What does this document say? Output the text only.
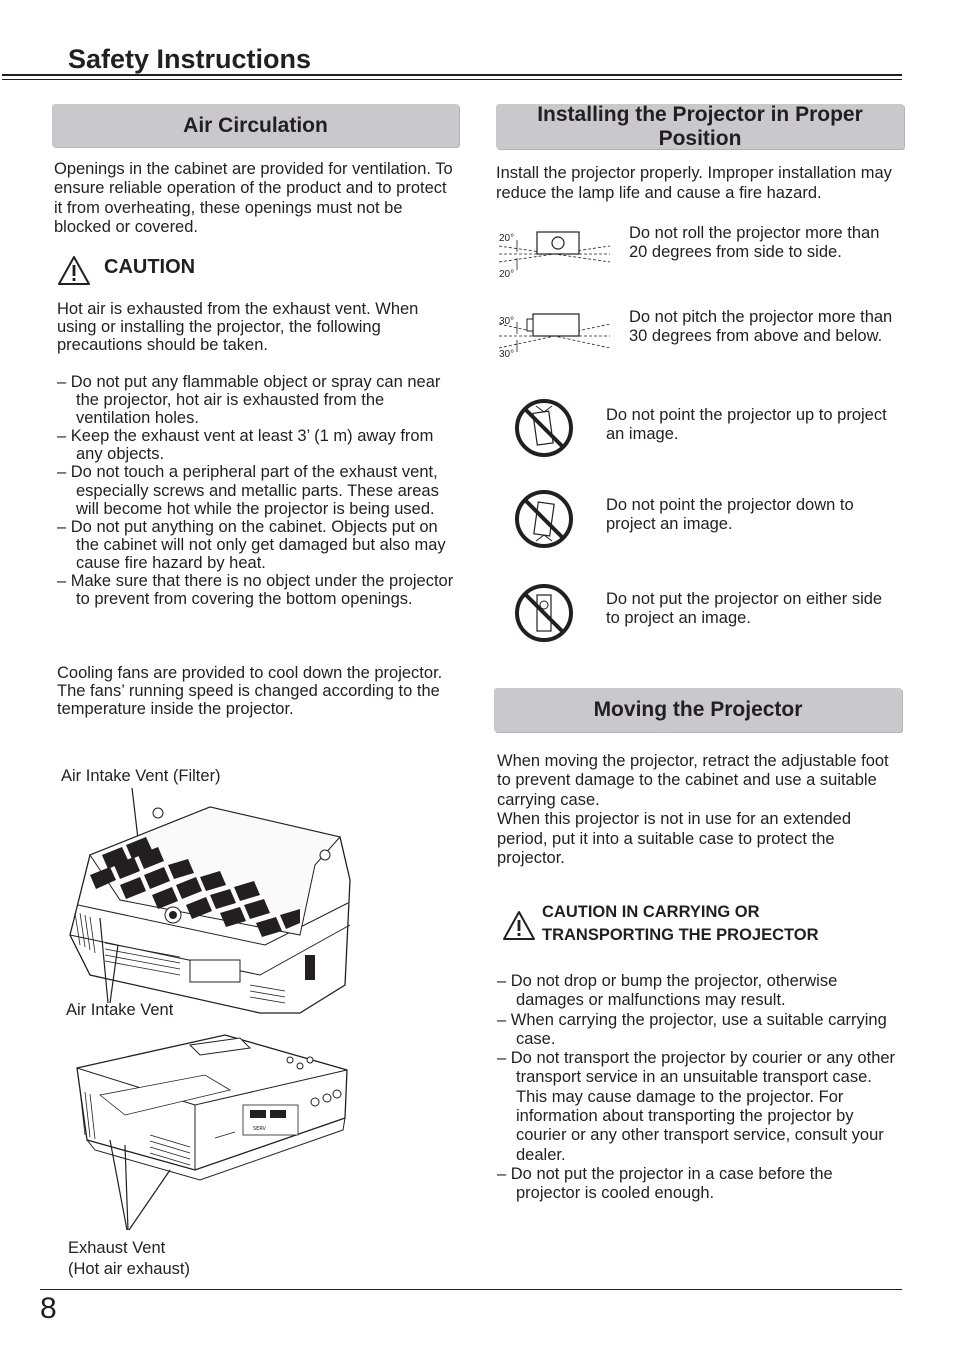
Safety Instructions
Air Circulation
Openings in the cabinet are provided for ventilation. To ensure reliable operation of the product and to protect it from overheating, these openings must not be blocked or covered.
CAUTION
Hot air is exhausted from the exhaust vent. When using or installing the projector, the following precautions should be taken.
– Do not put any flammable object or spray can near the projector, hot air is exhausted from the ventilation holes.
– Keep the exhaust vent at least 3’ (1 m) away from any objects.
– Do not touch a peripheral part of the exhaust vent, especially screws and metallic parts. These areas will become hot while the projector is being used.
– Do not put anything on the cabinet. Objects put on the cabinet will not only get damaged but also may cause fire hazard by heat.
– Make sure that there is no object under the projector to prevent from covering the bottom openings.
Cooling fans are provided to cool down the projector. The fans’ running speed is changed according to the temperature inside the projector.
Air Intake Vent (Filter)
Air Intake Vent
SERV
Exhaust Vent
(Hot air exhaust)
Installing the Projector in Proper Position
Install the projector properly. Improper installation may reduce the lamp life and cause a fire hazard.
20°
20°
Do not roll the projector more than 20 degrees from side to side.
30°
30°
Do not pitch the projector more than 30 degrees from above and below.
Do not point the projector up to project an image.
Do not point the projector down to project an image.
Do not put the projector on either side to project an image.
Moving the Projector
When moving the projector, retract the adjustable foot to prevent damage to the cabinet and use a suitable carrying case.
When this projector is not in use for an extended period, put it into a suitable case to protect the projector.
CAUTION IN CARRYING OR
TRANSPORTING THE PROJECTOR
– Do not drop or bump the projector, otherwise damages or malfunctions may result.
– When carrying the projector, use a suitable carrying case.
– Do not transport the projector by courier or any other transport service in an unsuitable transport case. This may cause damage to the projector. For information about transporting the projector by courier or any other transport service, consult your dealer.
– Do not put the projector in a case before the projector is cooled enough.
8
